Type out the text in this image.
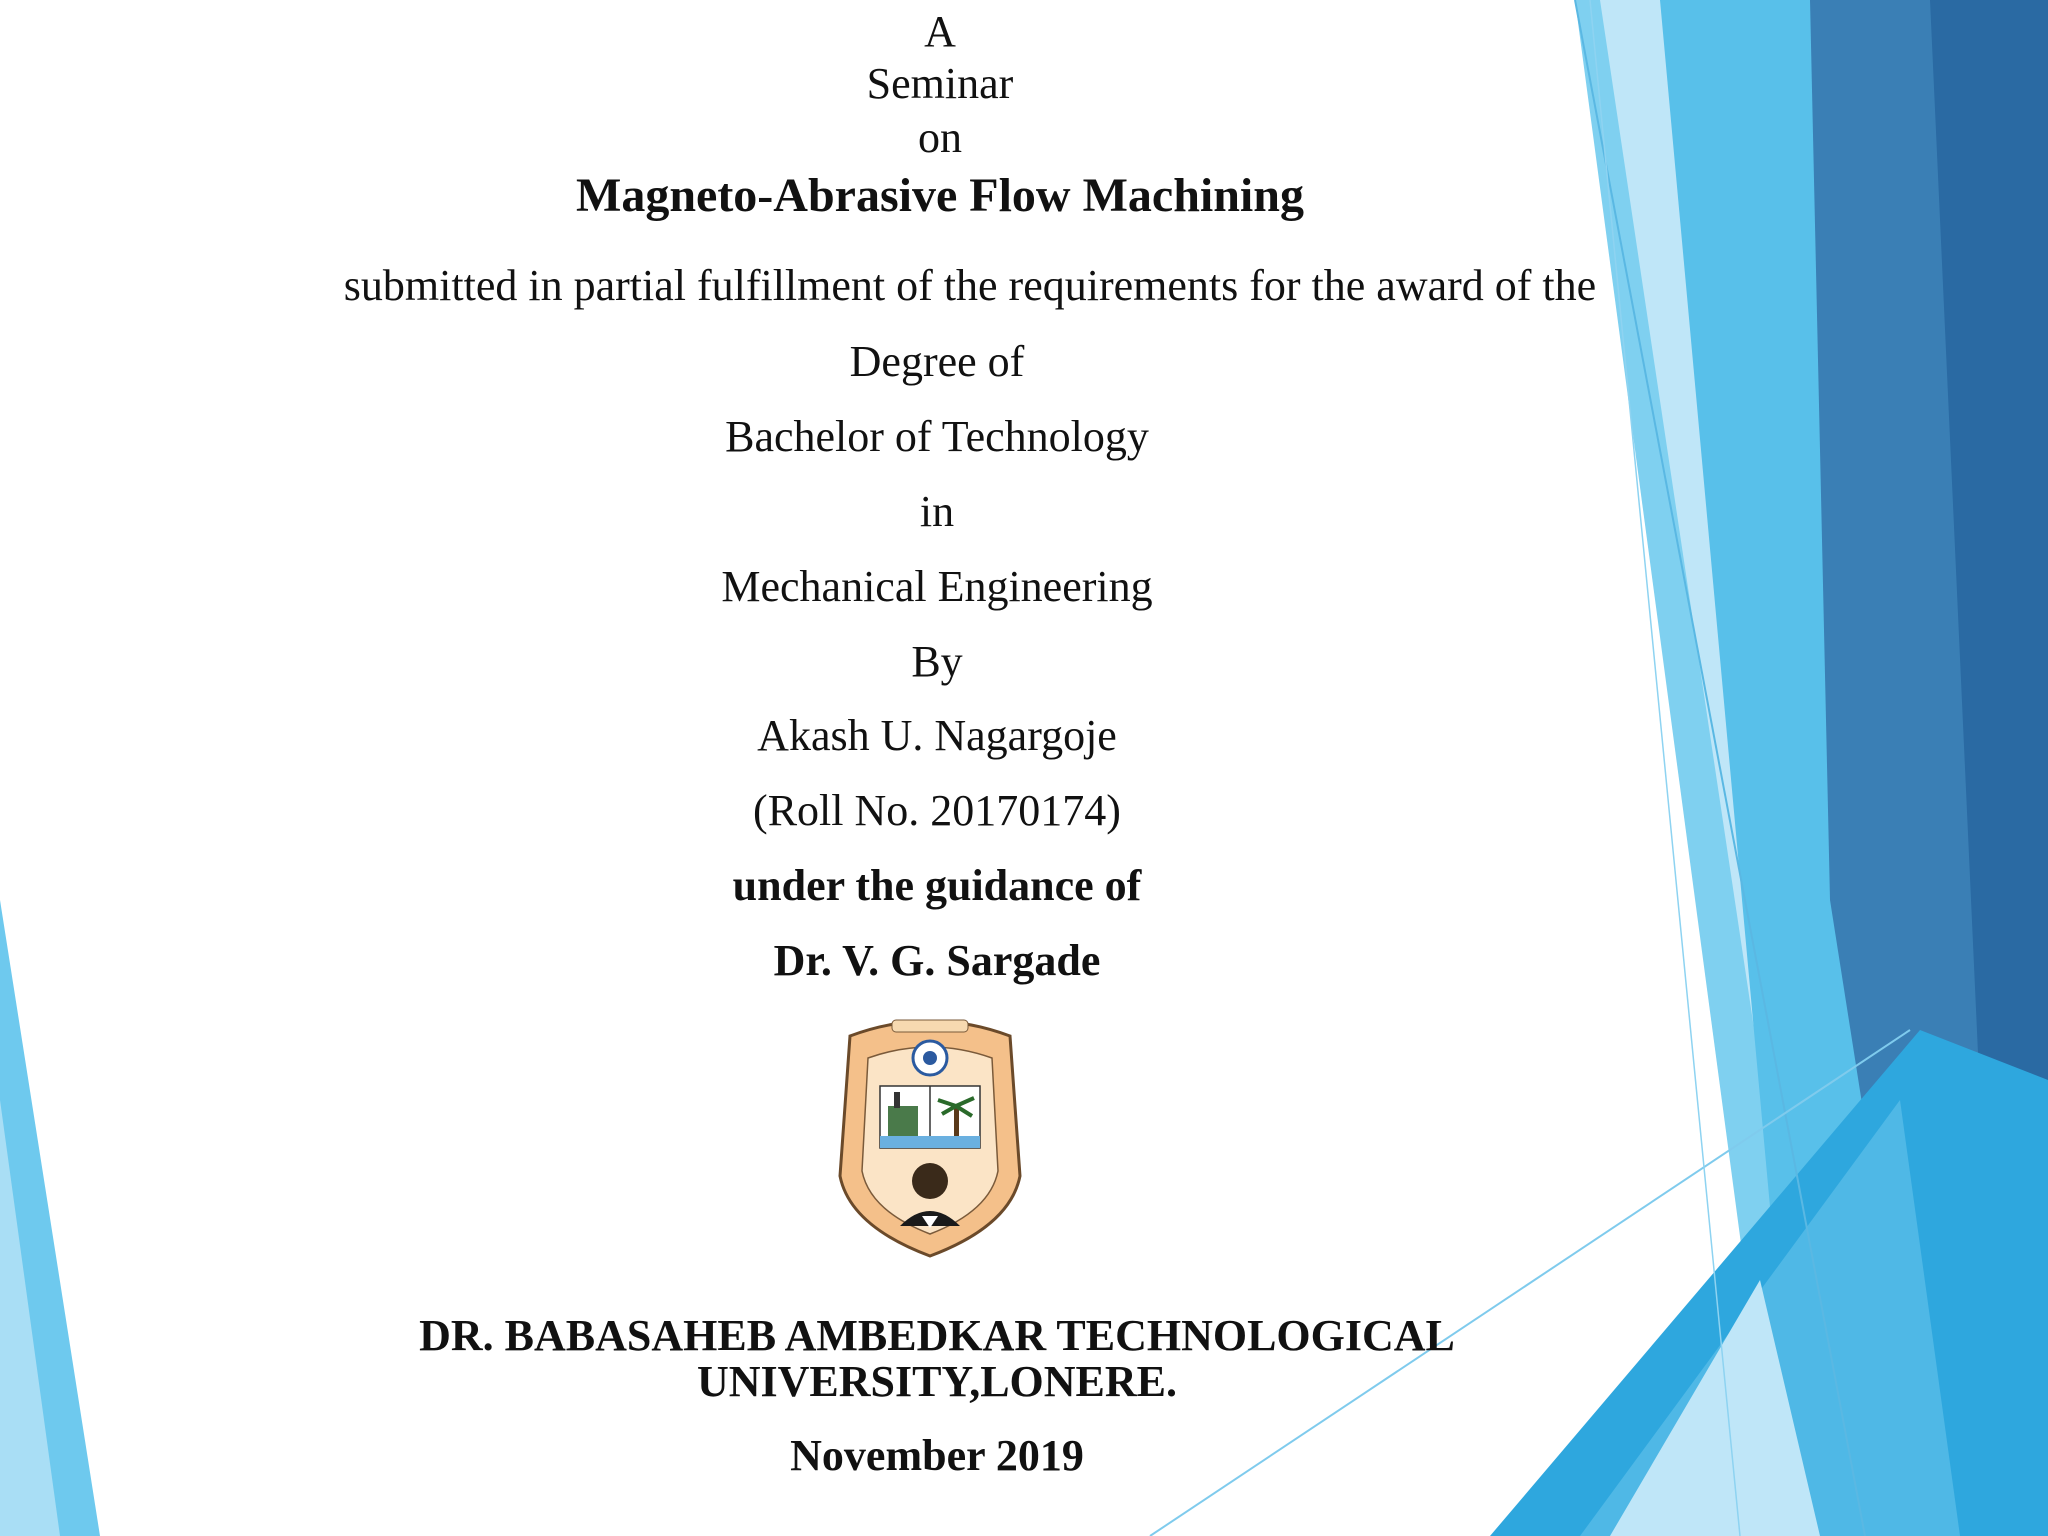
A
Seminar
on
Magneto-Abrasive Flow Machining
submitted in partial fulfillment of the requirements for the award of the
Degree of
Bachelor of Technology
in
Mechanical Engineering
By
Akash U. Nagargoje
(Roll No. 20170174)
under the guidance of
Dr. V. G. Sargade
DR. BABASAHEB AMBEDKAR TECHNOLOGICAL
UNIVERSITY,LONERE.
November 2019
